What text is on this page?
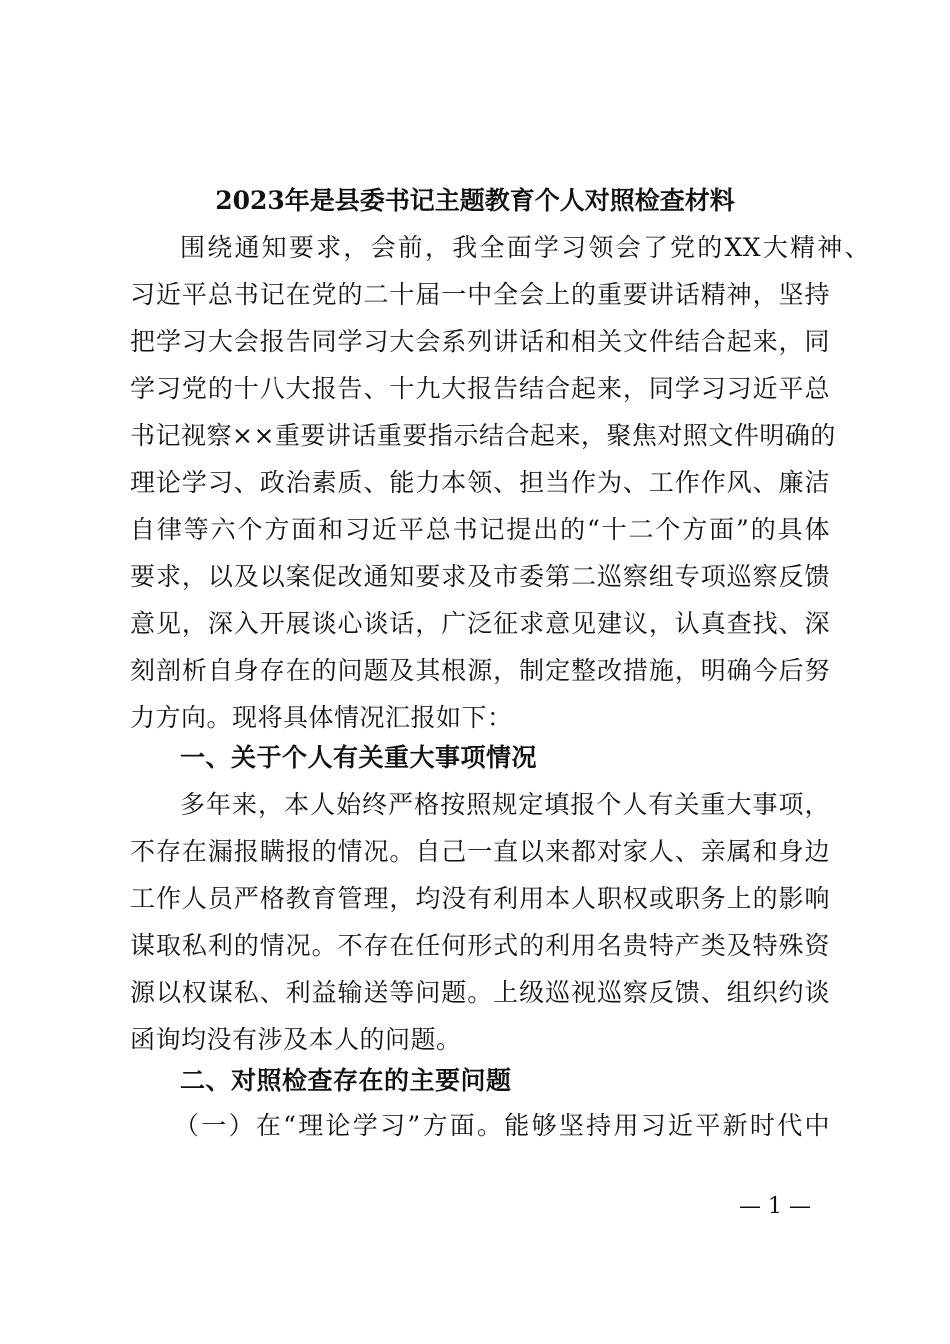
2023年是县委书记主题教育个人对照检查材料
围绕通知要求，会前，我全面学习领会了党的XX大精神、
习近平总书记在党的二十届一中全会上的重要讲话精神，坚持
把学习大会报告同学习大会系列讲话和相关文件结合起来，同
学习党的十八大报告、十九大报告结合起来，同学习习近平总
书记视察××重要讲话重要指示结合起来，聚焦对照文件明确的
理论学习、政治素质、能力本领、担当作为、工作作风、廉洁
自律等六个方面和习近平总书记提出的“十二个方面”的具体
要求，以及以案促改通知要求及市委第二巡察组专项巡察反馈
意见，深入开展谈心谈话，广泛征求意见建议，认真查找、深
刻剖析自身存在的问题及其根源，制定整改措施，明确今后努
力方向。现将具体情况汇报如下：
一、关于个人有关重大事项情况
多年来，本人始终严格按照规定填报个人有关重大事项，
不存在漏报瞒报的情况。自己一直以来都对家人、亲属和身边
工作人员严格教育管理，均没有利用本人职权或职务上的影响
谋取私利的情况。不存在任何形式的利用名贵特产类及特殊资
源以权谋私、利益输送等问题。上级巡视巡察反馈、组织约谈
函询均没有涉及本人的问题。
二、对照检查存在的主要问题
（一）在“理论学习”方面。能够坚持用习近平新时代中
— 1 —
